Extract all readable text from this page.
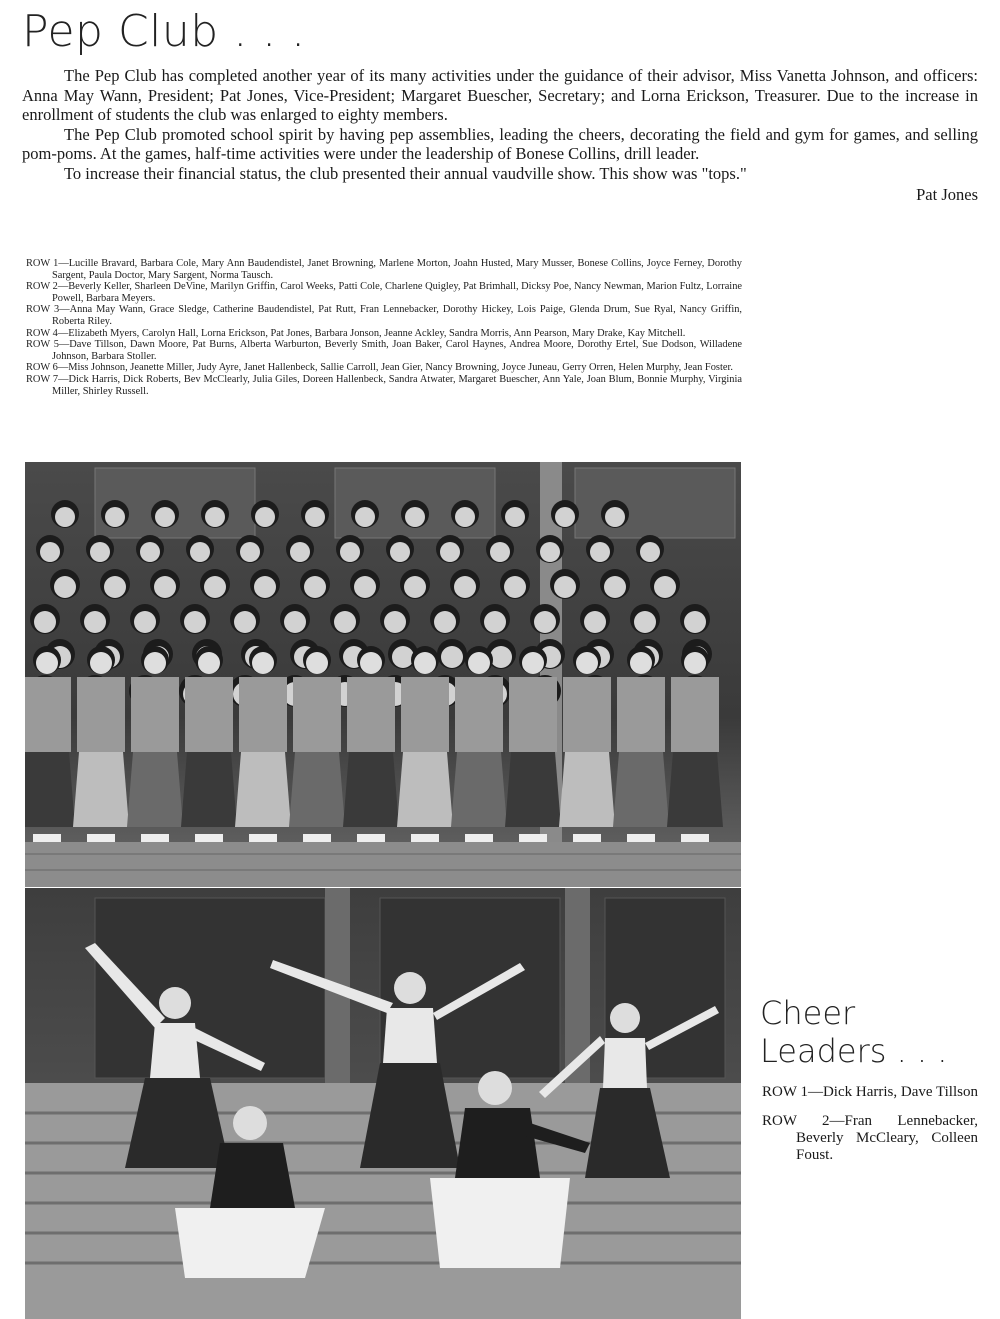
Pep Club . . .

The Pep Club has completed another year of its many activities under the guidance of their advisor, Miss Vanetta Johnson, and officers: Anna May Wann, President; Pat Jones, Vice-President; Margaret Buescher, Secretary; and Lorna Erickson, Treasurer. Due to the increase in enrollment of students the club was enlarged to eighty members.

The Pep Club promoted school spirit by having pep assemblies, leading the cheers, decorating the field and gym for games, and selling pom-poms. At the games, half-time activities were under the leadership of Bonese Collins, drill leader.

To increase their financial status, the club presented their annual vaudville show. This show was "tops."

Pat Jones

ROW 1—Lucille Bravard, Barbara Cole, Mary Ann Baudendistel, Janet Browning, Marlene Morton, Joahn Husted, Mary Musser, Bonese Collins, Joyce Ferney, Dorothy Sargent, Paula Doctor, Mary Sargent, Norma Tausch.

ROW 2—Beverly Keller, Sharleen DeVine, Marilyn Griffin, Carol Weeks, Patti Cole, Charlene Quigley, Pat Brimhall, Dicksy Poe, Nancy Newman, Marion Fultz, Lorraine Powell, Barbara Meyers.

ROW 3—Anna May Wann, Grace Sledge, Catherine Baudendistel, Pat Rutt, Fran Lennebacker, Dorothy Hickey, Lois Paige, Glenda Drum, Sue Ryal, Nancy Griffin, Roberta Riley.

ROW 4—Elizabeth Myers, Carolyn Hall, Lorna Erickson, Pat Jones, Barbara Jonson, Jeanne Ackley, Sandra Morris, Ann Pearson, Mary Drake, Kay Mitchell.

ROW 5—Dave Tillson, Dawn Moore, Pat Burns, Alberta Warburton, Beverly Smith, Joan Baker, Carol Haynes, Andrea Moore, Dorothy Ertel, Sue Dodson, Willadene Johnson, Barbara Stoller.

ROW 6—Miss Johnson, Jeanette Miller, Judy Ayre, Janet Hallenbeck, Sallie Carroll, Jean Gier, Nancy Browning, Joyce Juneau, Gerry Orren, Helen Murphy, Jean Foster.

ROW 7—Dick Harris, Dick Roberts, Bev McClearly, Julia Giles, Doreen Hallenbeck, Sandra Atwater, Margaret Buescher, Ann Yale, Joan Blum, Bonnie Murphy, Virginia Miller, Shirley Russell.

Cheer
Leaders . . .

ROW 1—Dick Harris, Dave Tillson

ROW 2—Fran Lennebacker, Beverly McCleary, Colleen Foust.
